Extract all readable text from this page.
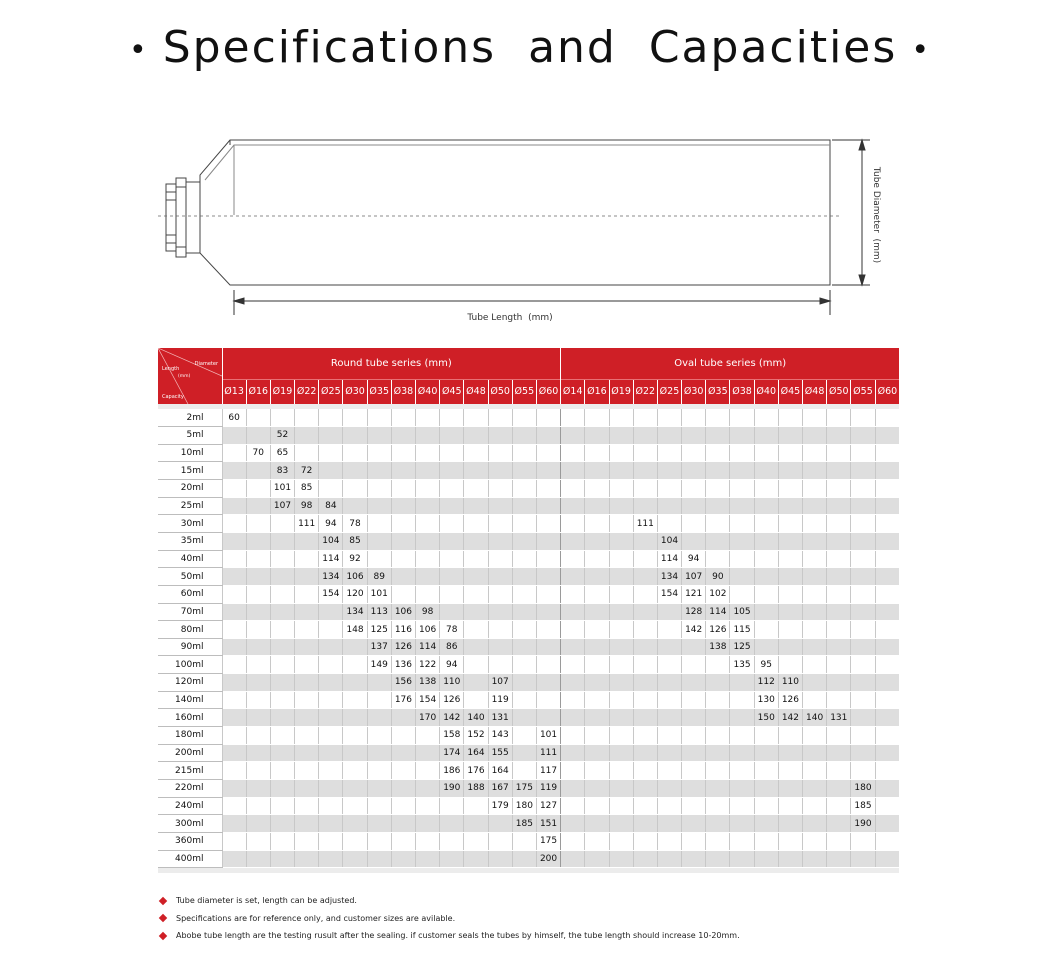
• Specifications  and  Capacities •
Tube Length  (mm)
Tube Diameter  (mm)
Diameter
Length
(mm)
Capacity	Round tube series (mm)														Oval tube series (mm)													
	Ø13	Ø16	Ø19	Ø22	Ø25	Ø30	Ø35	Ø38	Ø40	Ø45	Ø48	Ø50	Ø55	Ø60	Ø14	Ø16	Ø19	Ø22	Ø25	Ø30	Ø35	Ø38	Ø40	Ø45	Ø48	Ø50	Ø55	Ø60

2ml	60																											
5ml			52																									
10ml		70	65																									
15ml			83	72																								
20ml			101	85																								
25ml			107	98	84																							
30ml				111	94	78												111										
35ml					104	85													104									
40ml					114	92													114	94								
50ml					134	106	89												134	107	90							
60ml					154	120	101												154	121	102							
70ml						134	113	106	98											128	114	105						
80ml						148	125	116	106	78										142	126	115						
90ml							137	126	114	86											138	125						
100ml							149	136	122	94												135	95					
120ml								156	138	110		107											112	110				
140ml								176	154	126		119											130	126				
160ml									170	142	140	131											150	142	140	131		
180ml										158	152	143		101														
200ml										174	164	155		111														
215ml										186	176	164		117														
220ml										190	188	167	175	119													180	
240ml												179	180	127													185	
300ml													185	151													190	
360ml														175														
400ml														200														

Tube diameter is set, length can be adjusted.
Specifications are for reference only, and customer sizes are avilable.
Abobe tube length are the testing rusult after the sealing. if customer seals the tubes by himself, the tube length should increase 10-20mm.
